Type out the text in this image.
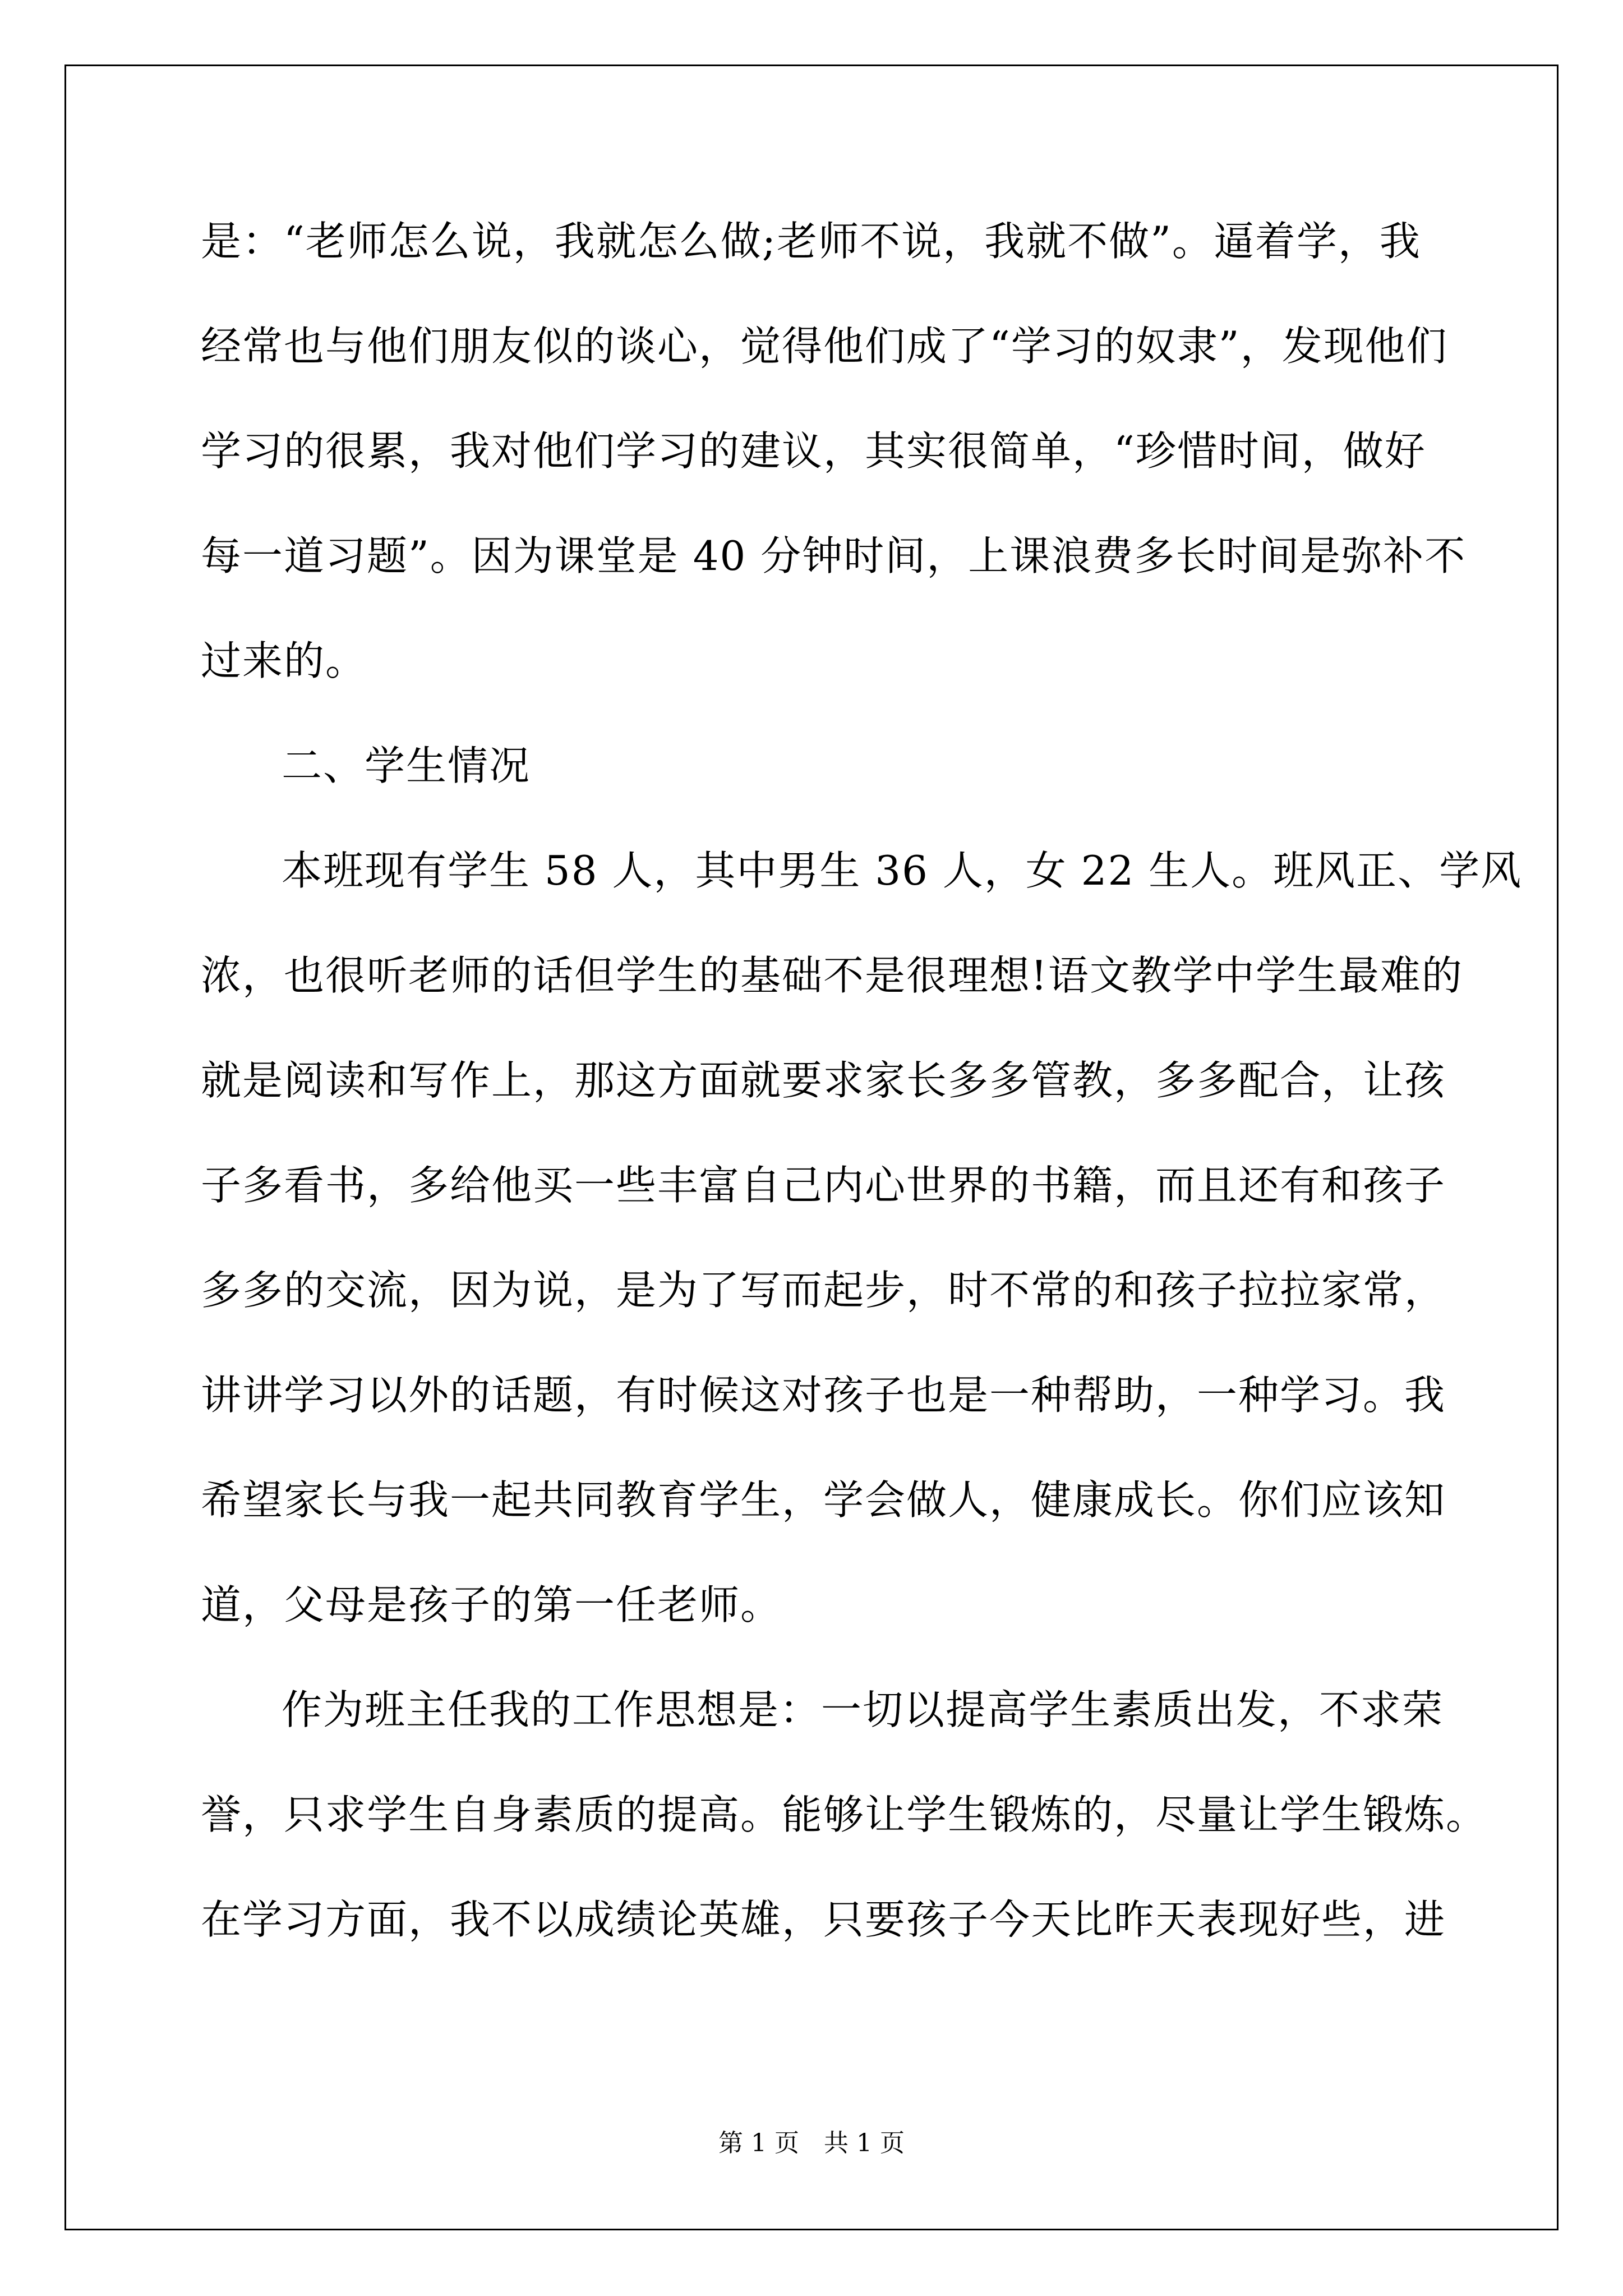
是：“老师怎么说，我就怎么做;老师不说，我就不做”。逼着学，我
经常也与他们朋友似的谈心，觉得他们成了“学习的奴隶”，发现他们
学习的很累，我对他们学习的建议，其实很简单，“珍惜时间，做好
每一道习题”。因为课堂是 40 分钟时间，上课浪费多长时间是弥补不
过来的。
二、学生情况
本班现有学生 58 人，其中男生 36 人，女 22 生人。班风正、学风
浓，也很听老师的话但学生的基础不是很理想!语文教学中学生最难的
就是阅读和写作上，那这方面就要求家长多多管教，多多配合，让孩
子多看书，多给他买一些丰富自己内心世界的书籍，而且还有和孩子
多多的交流，因为说，是为了写而起步，时不常的和孩子拉拉家常，
讲讲学习以外的话题，有时候这对孩子也是一种帮助，一种学习。我
希望家长与我一起共同教育学生，学会做人，健康成长。你们应该知
道，父母是孩子的第一任老师。
作为班主任我的工作思想是：一切以提高学生素质出发，不求荣
誉，只求学生自身素质的提高。能够让学生锻炼的，尽量让学生锻炼。
在学习方面，我不以成绩论英雄，只要孩子今天比昨天表现好些，进
第 1 页　共 1 页
